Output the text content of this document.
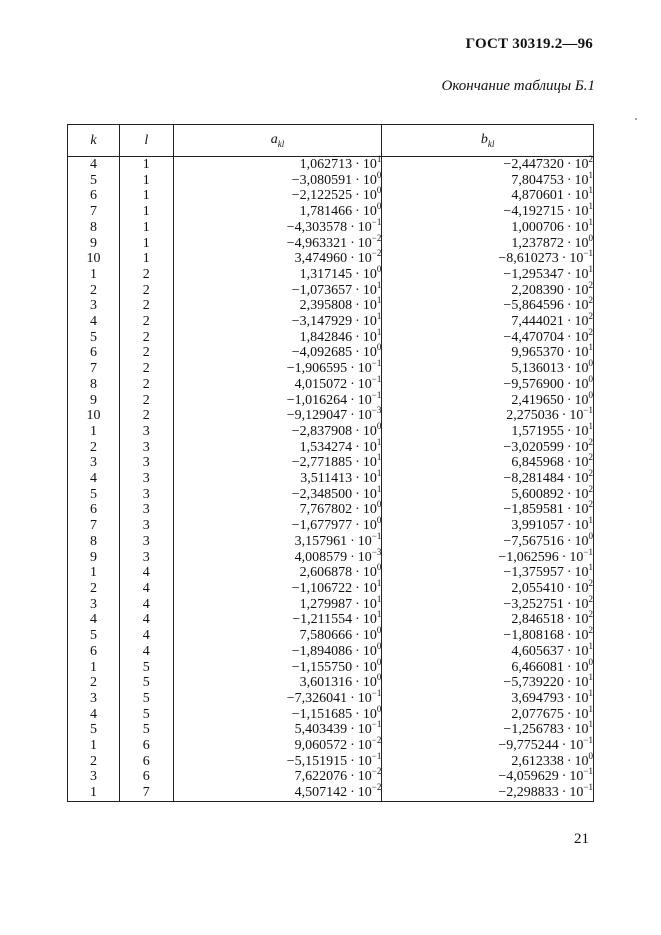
ГОСТ 30319.2—96
Окончание таблицы Б.1
k	l	$a_{kl}$	$b_{kl}$
4	1	$1,062713 \cdot 10^1$	$-2,447320 \cdot 10^2$
5	1	$-3,080591 \cdot 10^0$	$7,804753 \cdot 10^1$
6	1	$-2,122525 \cdot 10^0$	$4,870601 \cdot 10^1$
7	1	$1,781466 \cdot 10^0$	$-4,192715 \cdot 10^1$
8	1	$-4,303578 \cdot 10^{-1}$	$1,000706 \cdot 10^1$
9	1	$-4,963321 \cdot 10^{-2}$	$1,237872 \cdot 10^0$
10	1	$3,474960 \cdot 10^{-2}$	$-8,610273 \cdot 10^{-1}$
1	2	$1,317145 \cdot 10^0$	$-1,295347 \cdot 10^1$
2	2	$-1,073657 \cdot 10^1$	$2,208390 \cdot 10^2$
3	2	$2,395808 \cdot 10^1$	$-5,864596 \cdot 10^2$
4	2	$-3,147929 \cdot 10^1$	$7,444021 \cdot 10^2$
5	2	$1,842846 \cdot 10^1$	$-4,470704 \cdot 10^2$
6	2	$-4,092685 \cdot 10^0$	$9,965370 \cdot 10^1$
7	2	$-1,906595 \cdot 10^{-1}$	$5,136013 \cdot 10^0$
8	2	$4,015072 \cdot 10^{-1}$	$-9,576900 \cdot 10^0$
9	2	$-1,016264 \cdot 10^{-1}$	$2,419650 \cdot 10^0$
10	2	$-9,129047 \cdot 10^{-3}$	$2,275036 \cdot 10^{-1}$
1	3	$-2,837908 \cdot 10^0$	$1,571955 \cdot 10^1$
2	3	$1,534274 \cdot 10^1$	$-3,020599 \cdot 10^2$
3	3	$-2,771885 \cdot 10^1$	$6,845968 \cdot 10^2$
4	3	$3,511413 \cdot 10^1$	$-8,281484 \cdot 10^2$
5	3	$-2,348500 \cdot 10^1$	$5,600892 \cdot 10^2$
6	3	$7,767802 \cdot 10^0$	$-1,859581 \cdot 10^2$
7	3	$-1,677977 \cdot 10^0$	$3,991057 \cdot 10^1$
8	3	$3,157961 \cdot 10^{-1}$	$-7,567516 \cdot 10^0$
9	3	$4,008579 \cdot 10^{-3}$	$-1,062596 \cdot 10^{-1}$
1	4	$2,606878 \cdot 10^0$	$-1,375957 \cdot 10^1$
2	4	$-1,106722 \cdot 10^1$	$2,055410 \cdot 10^2$
3	4	$1,279987 \cdot 10^1$	$-3,252751 \cdot 10^2$
4	4	$-1,211554 \cdot 10^1$	$2,846518 \cdot 10^2$
5	4	$7,580666 \cdot 10^0$	$-1,808168 \cdot 10^2$
6	4	$-1,894086 \cdot 10^0$	$4,605637 \cdot 10^1$
1	5	$-1,155750 \cdot 10^0$	$6,466081 \cdot 10^0$
2	5	$3,601316 \cdot 10^0$	$-5,739220 \cdot 10^1$
3	5	$-7,326041 \cdot 10^{-1}$	$3,694793 \cdot 10^1$
4	5	$-1,151685 \cdot 10^0$	$2,077675 \cdot 10^1$
5	5	$5,403439 \cdot 10^{-1}$	$-1,256783 \cdot 10^1$
1	6	$9,060572 \cdot 10^{-2}$	$-9,775244 \cdot 10^{-1}$
2	6	$-5,151915 \cdot 10^{-1}$	$2,612338 \cdot 10^0$
3	6	$7,622076 \cdot 10^{-2}$	$-4,059629 \cdot 10^{-1}$
1	7	$4,507142 \cdot 10^{-2}$	$-2,298833 \cdot 10^{-1}$
21
